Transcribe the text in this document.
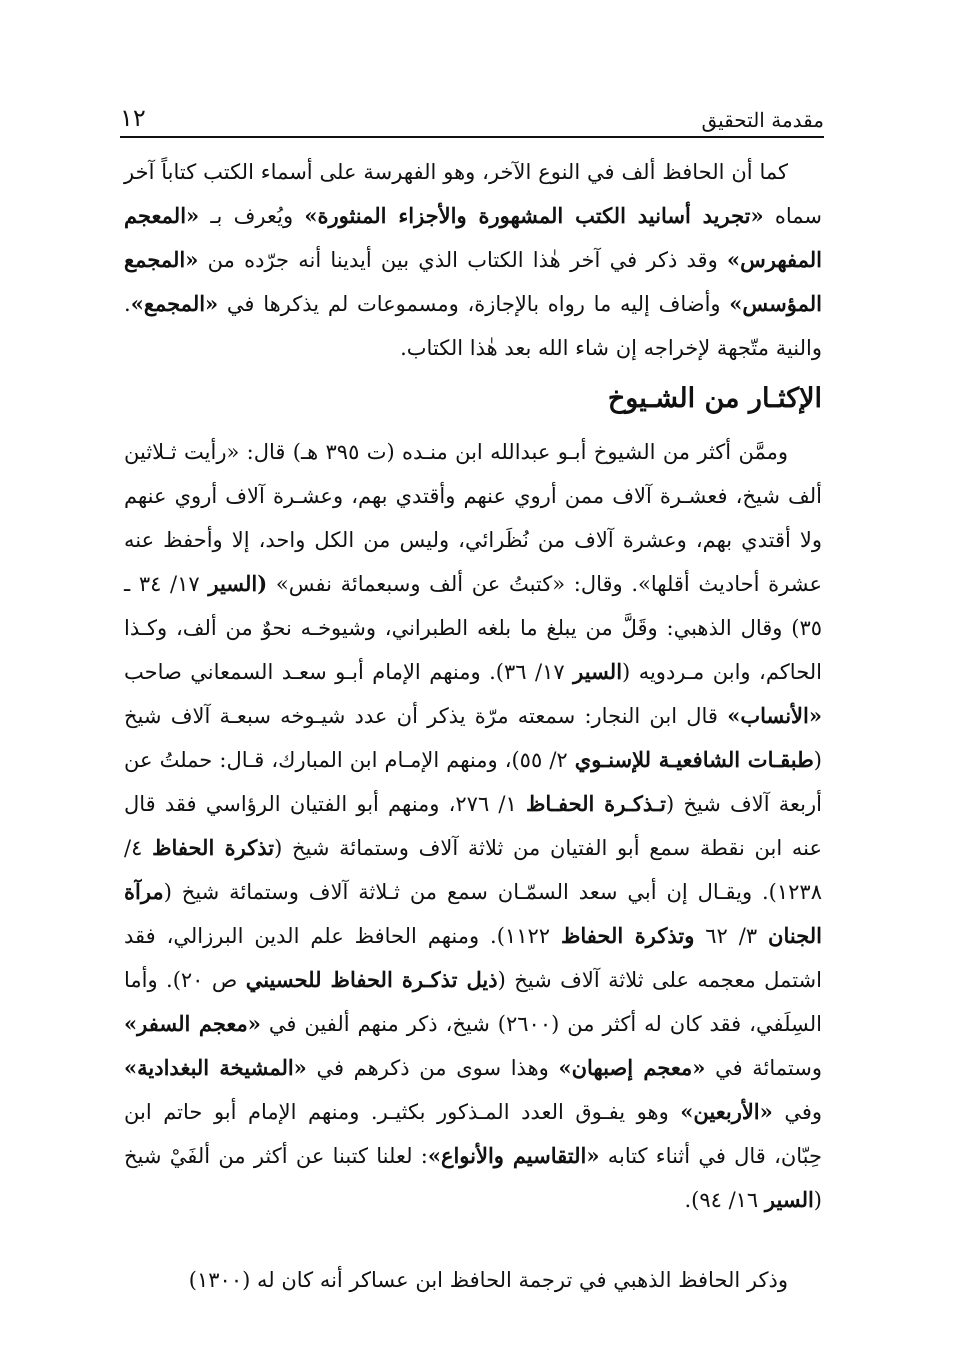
١٢	مقدمة التحقيق

كما أن الحافظ ألف في النوع الآخر، وهو الفهرسة على أسماء الكتب كتاباً آخر سماه «تجريد أسانيد الكتب المشهورة والأجزاء المنثورة» ويُعرف بـ «المعجم المفهرس» وقد ذكر في آخر هٰذا الكتاب الذي بين أيدينا أنه جرّده من «المجمع المؤسس» وأضاف إليه ما رواه بالإجازة، ومسموعات لم يذكرها في «المجمع». والنية متّجهة لإخراجه إن شاء الله بعد هٰذا الكتاب.

الإكثـار من الشـيوخ

وممَّن أكثر من الشيوخ أبـو عبدالله ابن منـده (ت ٣٩٥ هـ) قال: «رأيت ثـلاثين ألف شيخ، فعشـرة آلاف ممن أروي عنهم وأقتدي بهم، وعشـرة آلاف أروي عنهم ولا أقتدي بهم، وعشرة آلاف من نُظَرائي، وليس من الكل واحد، إلا وأحفظ عنه عشرة أحاديث أقلها». وقال: «كتبتُ عن ألف وسبعمائة نفس» (السير ١٧/ ٣٤ ـ ٣٥) وقال الذهبي: وقَلَّ من يبلغ ما بلغه الطبراني، وشيوخـه نحوٌ من ألف، وكـذا الحاكم، وابن مـردويه (السير ١٧/ ٣٦). ومنهم الإمام أبـو سعـد السمعاني صاحب «الأنساب» قال ابن النجار: سمعته مرّة يذكر أن عدد شيـوخه سبعـة آلاف شيخ (طبقـات الشافعيـة للإسنـوي ٢/ ٥٥)، ومنهم الإمـام ابن المبارك، قـال: حملتُ عن أربعة آلاف شيخ (تـذكـرة الحفـاظ ١/ ٢٧٦، ومنهم أبو الفتيان الرؤاسي فقد قال عنه ابن نقطة سمع أبو الفتيان من ثلاثة آلاف وستمائة شيخ (تذكرة الحفاظ ٤/ ١٢٣٨). ويقـال إن أبي سعد السمّـان سمع من ثـلاثة آلاف وستمائة شيخ (مرآة الجنان ٣/ ٦٢ وتذكرة الحفاظ ١١٢٢). ومنهم الحافظ علم الدين البرزالي، فقد اشتمل معجمه على ثلاثة آلاف شيخ (ذيل تذكـرة الحفاظ للحسيني ص ٢٠). وأما السِلَفي، فقد كان له أكثر من (٢٦٠٠) شيخ، ذكر منهم ألفين في «معجم السفر» وستمائة في «معجم إصبهان» وهذا سوى من ذكرهم في «المشيخة البغدادية» وفي «الأربعين» وهو يفـوق العدد المـذكور بكثيـر. ومنهم الإمام أبو حاتم ابن حِبّان، قال في أثناء كتابه «التقاسيم والأنواع»: لعلنا كتبنا عن أكثر من ألفَيْ شيخ (السير ١٦/ ٩٤).

وذكر الحافظ الذهبي في ترجمة الحافظ ابن عساكر أنه كان له (١٣٠٠)
